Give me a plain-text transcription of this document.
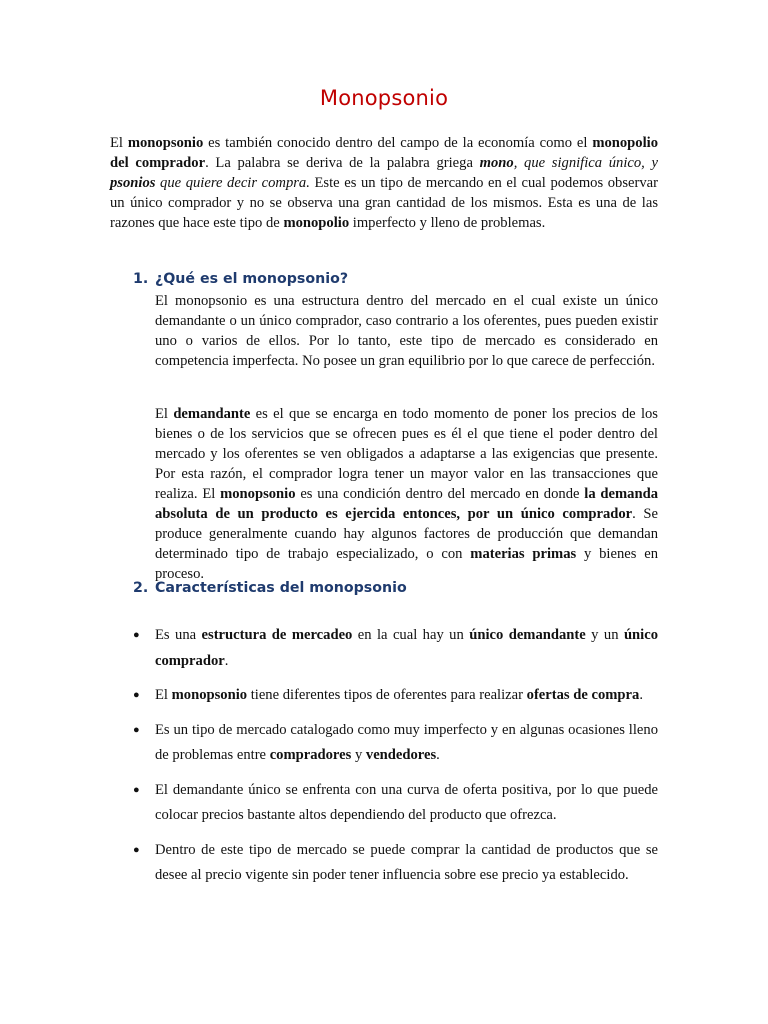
Monopsonio

El monopsonio es también conocido dentro del campo de la economía como el monopolio del comprador. La palabra se deriva de la palabra griega mono, que significa único, y psonios que quiere decir compra. Este es un tipo de mercando en el cual podemos observar un único comprador y no se observa una gran cantidad de los mismos. Esta es una de las razones que hace este tipo de monopolio imperfecto y lleno de problemas.

1. ¿Qué es el monopsonio?

El monopsonio es una estructura dentro del mercado en el cual existe un único demandante o un único comprador, caso contrario a los oferentes, pues pueden existir uno o varios de ellos. Por lo tanto, este tipo de mercado es considerado en competencia imperfecta. No posee un gran equilibrio por lo que carece de perfección.

El demandante es el que se encarga en todo momento de poner los precios de los bienes o de los servicios que se ofrecen pues es él el que tiene el poder dentro del mercado y los oferentes se ven obligados a adaptarse a las exigencias que presente. Por esta razón, el comprador logra tener un mayor valor en las transacciones que realiza. El monopsonio es una condición dentro del mercado en donde la demanda absoluta de un producto es ejercida entonces, por un único comprador. Se produce generalmente cuando hay algunos factores de producción que demandan determinado tipo de trabajo especializado, o con materias primas y bienes en proceso.

2. Características del monopsonio
● Es una estructura de mercadeo en la cual hay un único demandante y un único comprador.
● El monopsonio tiene diferentes tipos de oferentes para realizar ofertas de compra.
● Es un tipo de mercado catalogado como muy imperfecto y en algunas ocasiones lleno de problemas entre compradores y vendedores.
● El demandante único se enfrenta con una curva de oferta positiva, por lo que puede colocar precios bastante altos dependiendo del producto que ofrezca.
● Dentro de este tipo de mercado se puede comprar la cantidad de productos que se desee al precio vigente sin poder tener influencia sobre ese precio ya establecido.
